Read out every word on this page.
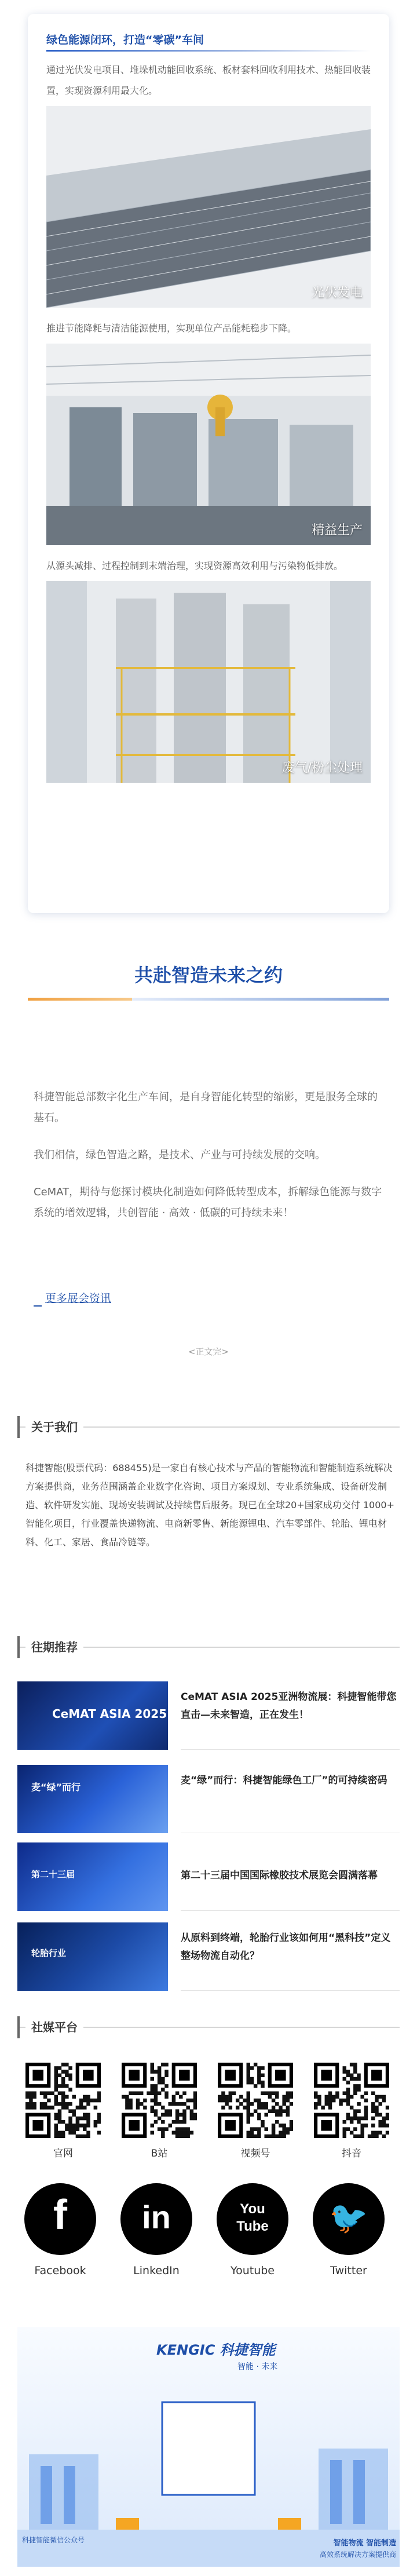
绿色能源闭环，打造“零碳”车间

通过光伏发电项目、堆垛机动能回收系统、板材套料回收利用技术、热能回收装置，实现资源利用最大化。

光伏发电

推进节能降耗与清洁能源使用，实现单位产品能耗稳步下降。

精益生产

从源头减排、过程控制到末端治理，实现资源高效利用与污染物低排放。

废气/粉尘处理
共赴智造未来之约

科捷智能总部数字化生产车间，是自身智能化转型的缩影，更是服务全球的基石。

我们相信，绿色智造之路，是技术、产业与可持续发展的交响。

CeMAT，期待与您探讨模块化制造如何降低转型成本，拆解绿色能源与数字系统的增效逻辑，共创智能 · 高效 · 低碳的可持续未来！

更多展会资讯
<正文完>
关于我们

科捷智能(股票代码：688455)是一家自有核心技术与产品的智能物流和智能制造系统解决方案提供商，业务范围涵盖企业数字化咨询、项目方案规划、专业系统集成、设备研发制造、软件研发实施、现场安装调试及持续售后服务。现已在全球20+国家成功交付 1000+ 智能化项目，行业覆盖快递物流、电商新零售、新能源锂电、汽车零部件、轮胎、锂电材料、化工、家居、食品冷链等。

往期推荐
CeMAT ASIA 2025
CeMAT ASIA 2025亚洲物流展：科捷智能带您直击—未来智造，正在发生！
麦“绿”而行
麦“绿”而行：科捷智能绿色工厂”的可持续密码
第二十三届	第二十三届中国国际橡胶技术展览会圆满落幕
轮胎行业
从原料到终端，轮胎行业该如何用“黑科技”定义整场物流自动化？
社媒平台
官网	B站	视频号	抖音
f	in	You Tube	🐦
Facebook	LinkedIn	Youtube	Twitter
KENGIC 科捷智能
智能 · 未来
科捷智能微信公众号	智能物流 智能制造
高效系统解决方案提供商
